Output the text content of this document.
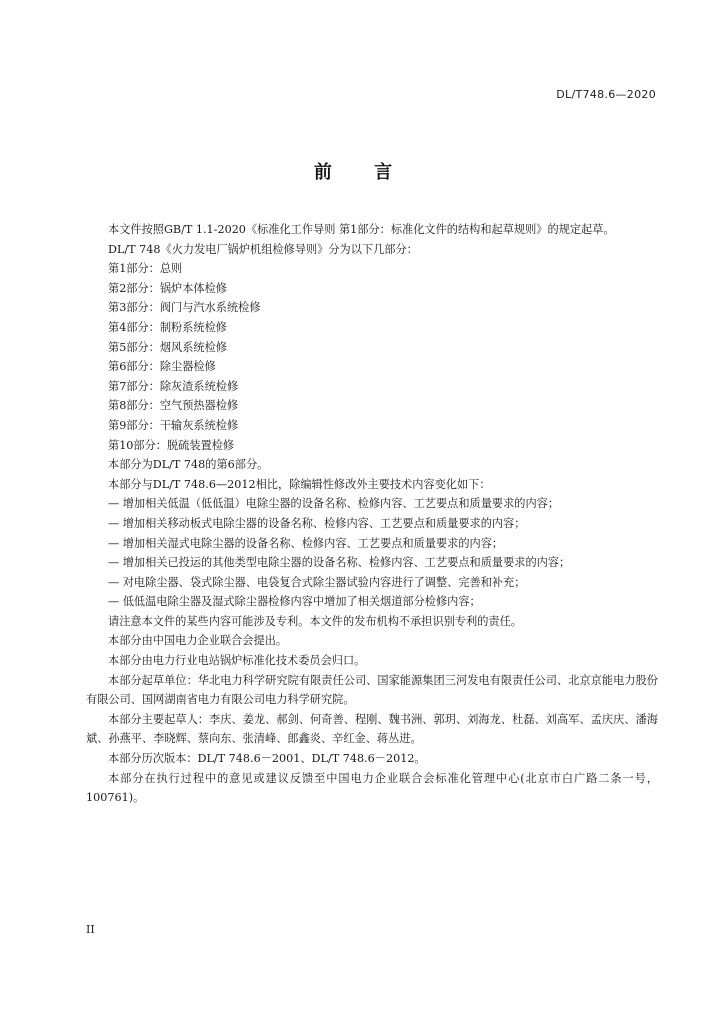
DL/T748.6—2020
前 言

本文件按照GB/T 1.1-2020《标准化工作导则 第1部分：标准化文件的结构和起草规则》的规定起草。

DL/T 748《火力发电厂锅炉机组检修导则》分为以下几部分：

第1部分：总则

第2部分：锅炉本体检修

第3部分：阀门与汽水系统检修

第4部分：制粉系统检修

第5部分：烟风系统检修

第6部分：除尘器检修

第7部分：除灰渣系统检修

第8部分：空气预热器检修

第9部分：干输灰系统检修

第10部分：脱硫装置检修

本部分为DL/T 748的第6部分。

本部分与DL/T 748.6—2012相比，除编辑性修改外主要技术内容变化如下：

— 增加相关低温（低低温）电除尘器的设备名称、检修内容、工艺要点和质量要求的内容；

— 增加相关移动板式电除尘器的设备名称、检修内容、工艺要点和质量要求的内容；

— 增加相关湿式电除尘器的设备名称、检修内容、工艺要点和质量要求的内容；

— 增加相关已投运的其他类型电除尘器的设备名称、检修内容、工艺要点和质量要求的内容；

— 对电除尘器、袋式除尘器、电袋复合式除尘器试验内容进行了调整、完善和补充；

— 低低温电除尘器及湿式除尘器检修内容中增加了相关烟道部分检修内容；

请注意本文件的某些内容可能涉及专利。本文件的发布机构不承担识别专利的责任。

本部分由中国电力企业联合会提出。

本部分由电力行业电站锅炉标准化技术委员会归口。

本部分起草单位：华北电力科学研究院有限责任公司、国家能源集团三河发电有限责任公司、北京京能电力股份有限公司、国网湖南省电力有限公司电力科学研究院。

本部分主要起草人：李庆、姜龙、郝剑、何奇善、程刚、魏书洲、郭玥、刘海龙、杜磊、刘高军、孟庆庆、潘海斌、孙燕平、李晓辉、蔡向东、张清峰、郎鑫炎、辛红金、蒋丛进。

本部分历次版本：DL/T 748.6－2001、DL/T 748.6－2012。

本部分在执行过程中的意见或建议反馈至中国电力企业联合会标准化管理中心(北京市白广路二条一号，100761)。

II
